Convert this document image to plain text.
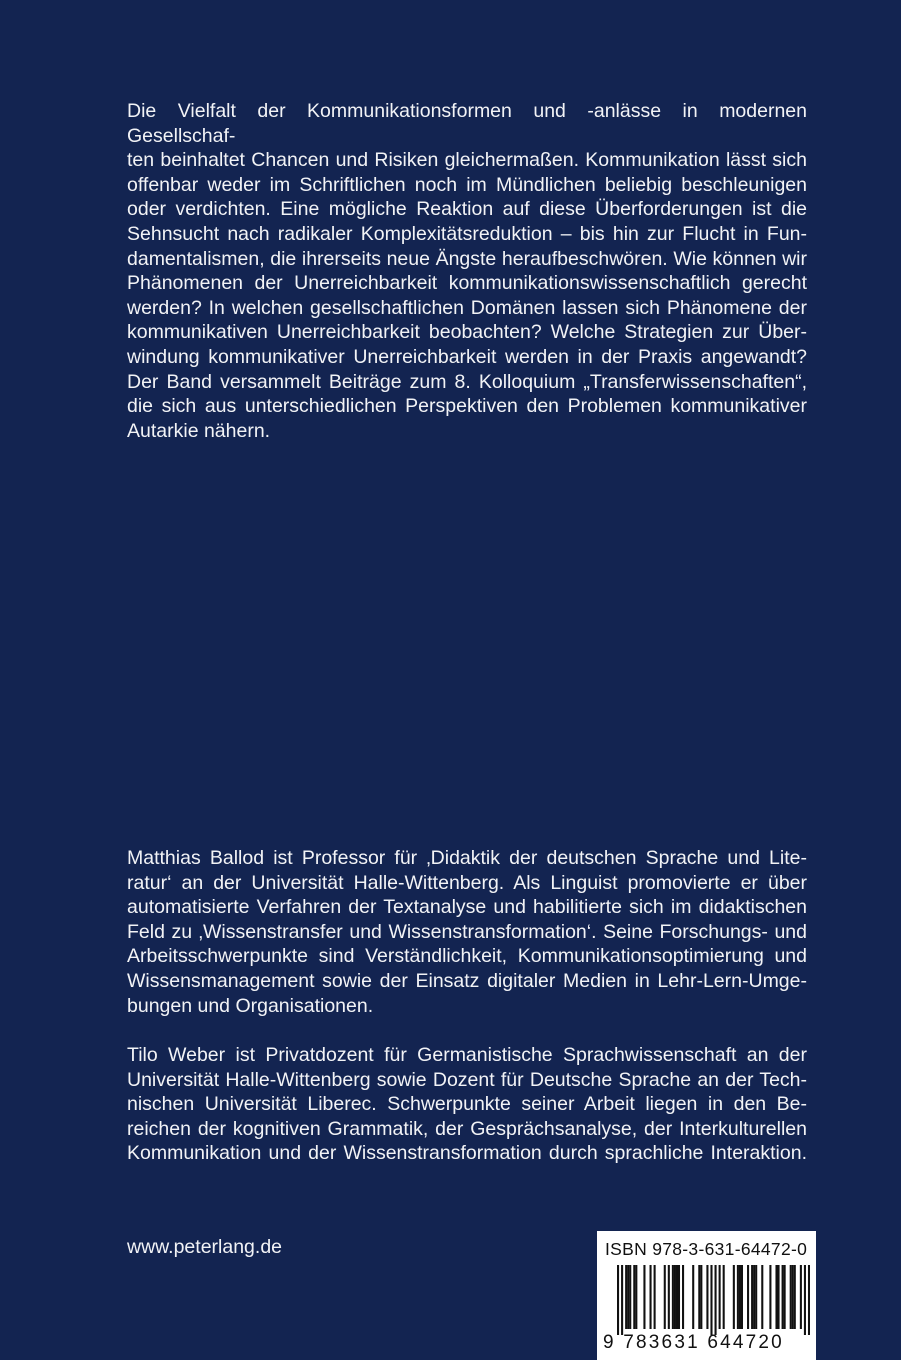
Die Vielfalt der Kommunikationsformen und -anlässe in modernen Gesellschaf-
ten beinhaltet Chancen und Risiken gleichermaßen. Kommunikation lässt sich
offenbar weder im Schriftlichen noch im Mündlichen beliebig beschleunigen
oder verdichten. Eine mögliche Reaktion auf diese Überforderungen ist die
Sehnsucht nach radikaler Komplexitätsreduktion – bis hin zur Flucht in Fun-
damentalismen, die ihrerseits neue Ängste heraufbeschwören. Wie können wir
Phänomenen der Unerreichbarkeit kommunikationswissenschaftlich gerecht
werden? In welchen gesellschaftlichen Domänen lassen sich Phänomene der
kommunikativen Unerreichbarkeit beobachten? Welche Strategien zur Über-
windung kommunikativer Unerreichbarkeit werden in der Praxis angewandt?
Der Band versammelt Beiträge zum 8. Kolloquium „Transferwissenschaften“,
die sich aus unterschiedlichen Perspektiven den Problemen kommunikativer
Autarkie nähern.
Matthias Ballod ist Professor für ‚Didaktik der deutschen Sprache und Lite-
ratur‘ an der Universität Halle-Wittenberg. Als Linguist promovierte er über
automatisierte Verfahren der Textanalyse und habilitierte sich im didaktischen
Feld zu ‚Wissenstransfer und Wissenstransformation‘. Seine Forschungs- und
Arbeitsschwerpunkte sind Verständlichkeit, Kommunikationsoptimierung und
Wissensmanagement sowie der Einsatz digitaler Medien in Lehr-Lern-Umge-
bungen und Organisationen.
Tilo Weber ist Privatdozent für Germanistische Sprachwissenschaft an der
Universität Halle-Wittenberg sowie Dozent für Deutsche Sprache an der Tech-
nischen Universität Liberec. Schwerpunkte seiner Arbeit liegen in den Be-
reichen der kognitiven Grammatik, der Gesprächsanalyse, der Interkulturellen
Kommunikation und der Wissenstransformation durch sprachliche Interaktion.
www.peterlang.de	ISBN 978-3-631-64472-0
9 783631 644720
